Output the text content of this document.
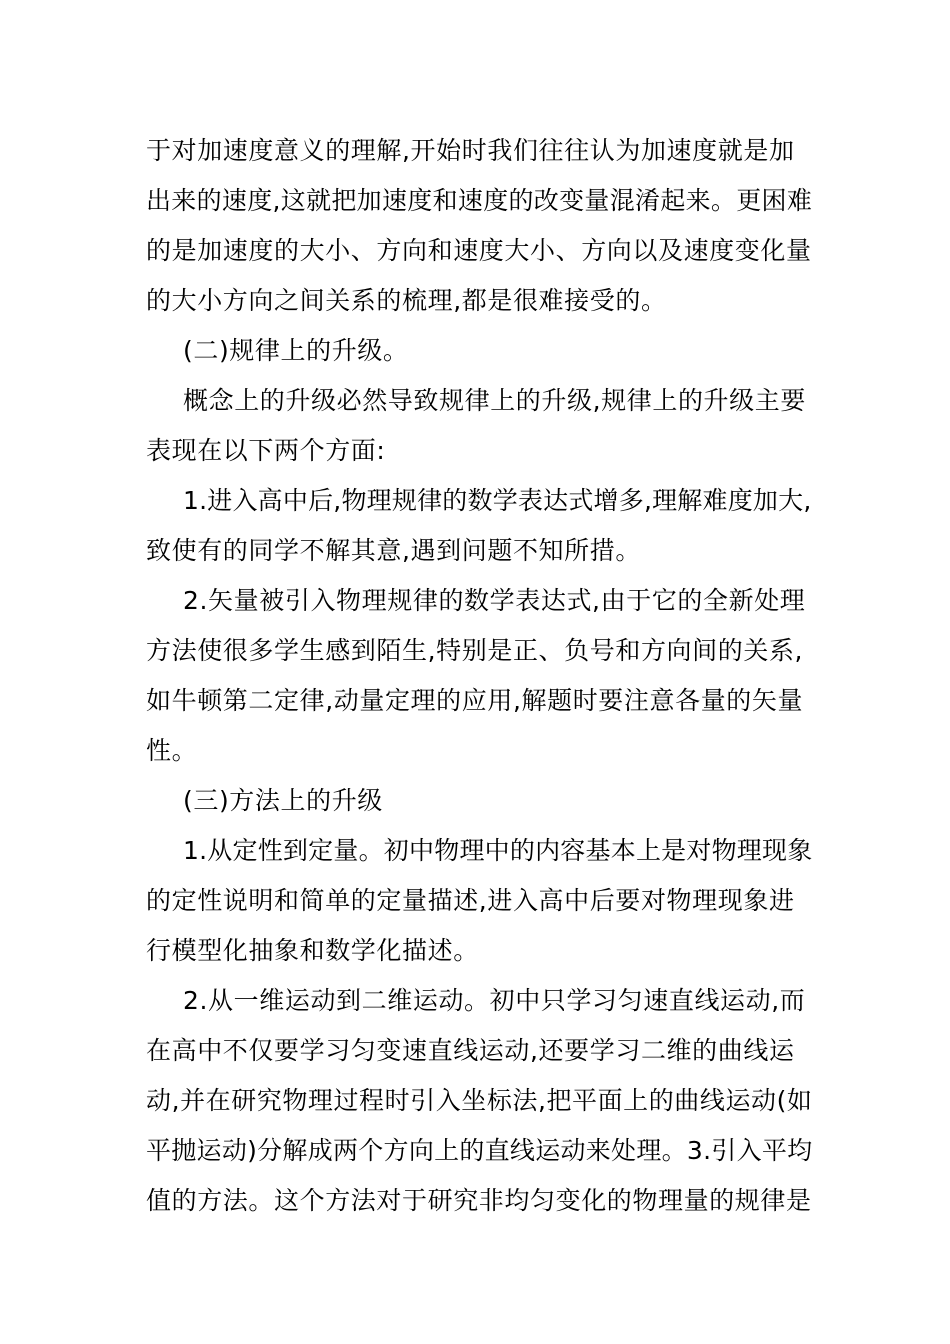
于对加速度意义的理解,开始时我们往往认为加速度就是加
出来的速度,这就把加速度和速度的改变量混淆起来。更困难
的是加速度的大小、方向和速度大小、方向以及速度变化量
的大小方向之间关系的梳理,都是很难接受的。
(二)规律上的升级。
概念上的升级必然导致规律上的升级,规律上的升级主要
表现在以下两个方面:
1.进入高中后,物理规律的数学表达式增多,理解难度加大,
致使有的同学不解其意,遇到问题不知所措。
2.矢量被引入物理规律的数学表达式,由于它的全新处理
方法使很多学生感到陌生,特别是正、负号和方向间的关系,
如牛顿第二定律,动量定理的应用,解题时要注意各量的矢量
性。
(三)方法上的升级
1.从定性到定量。初中物理中的内容基本上是对物理现象
的定性说明和简单的定量描述,进入高中后要对物理现象进
行模型化抽象和数学化描述。
2.从一维运动到二维运动。初中只学习匀速直线运动,而
在高中不仅要学习匀变速直线运动,还要学习二维的曲线运
动,并在研究物理过程时引入坐标法,把平面上的曲线运动(如
平抛运动)分解成两个方向上的直线运动来处理。3.引入平均
值的方法。这个方法对于研究非均匀变化的物理量的规律是
